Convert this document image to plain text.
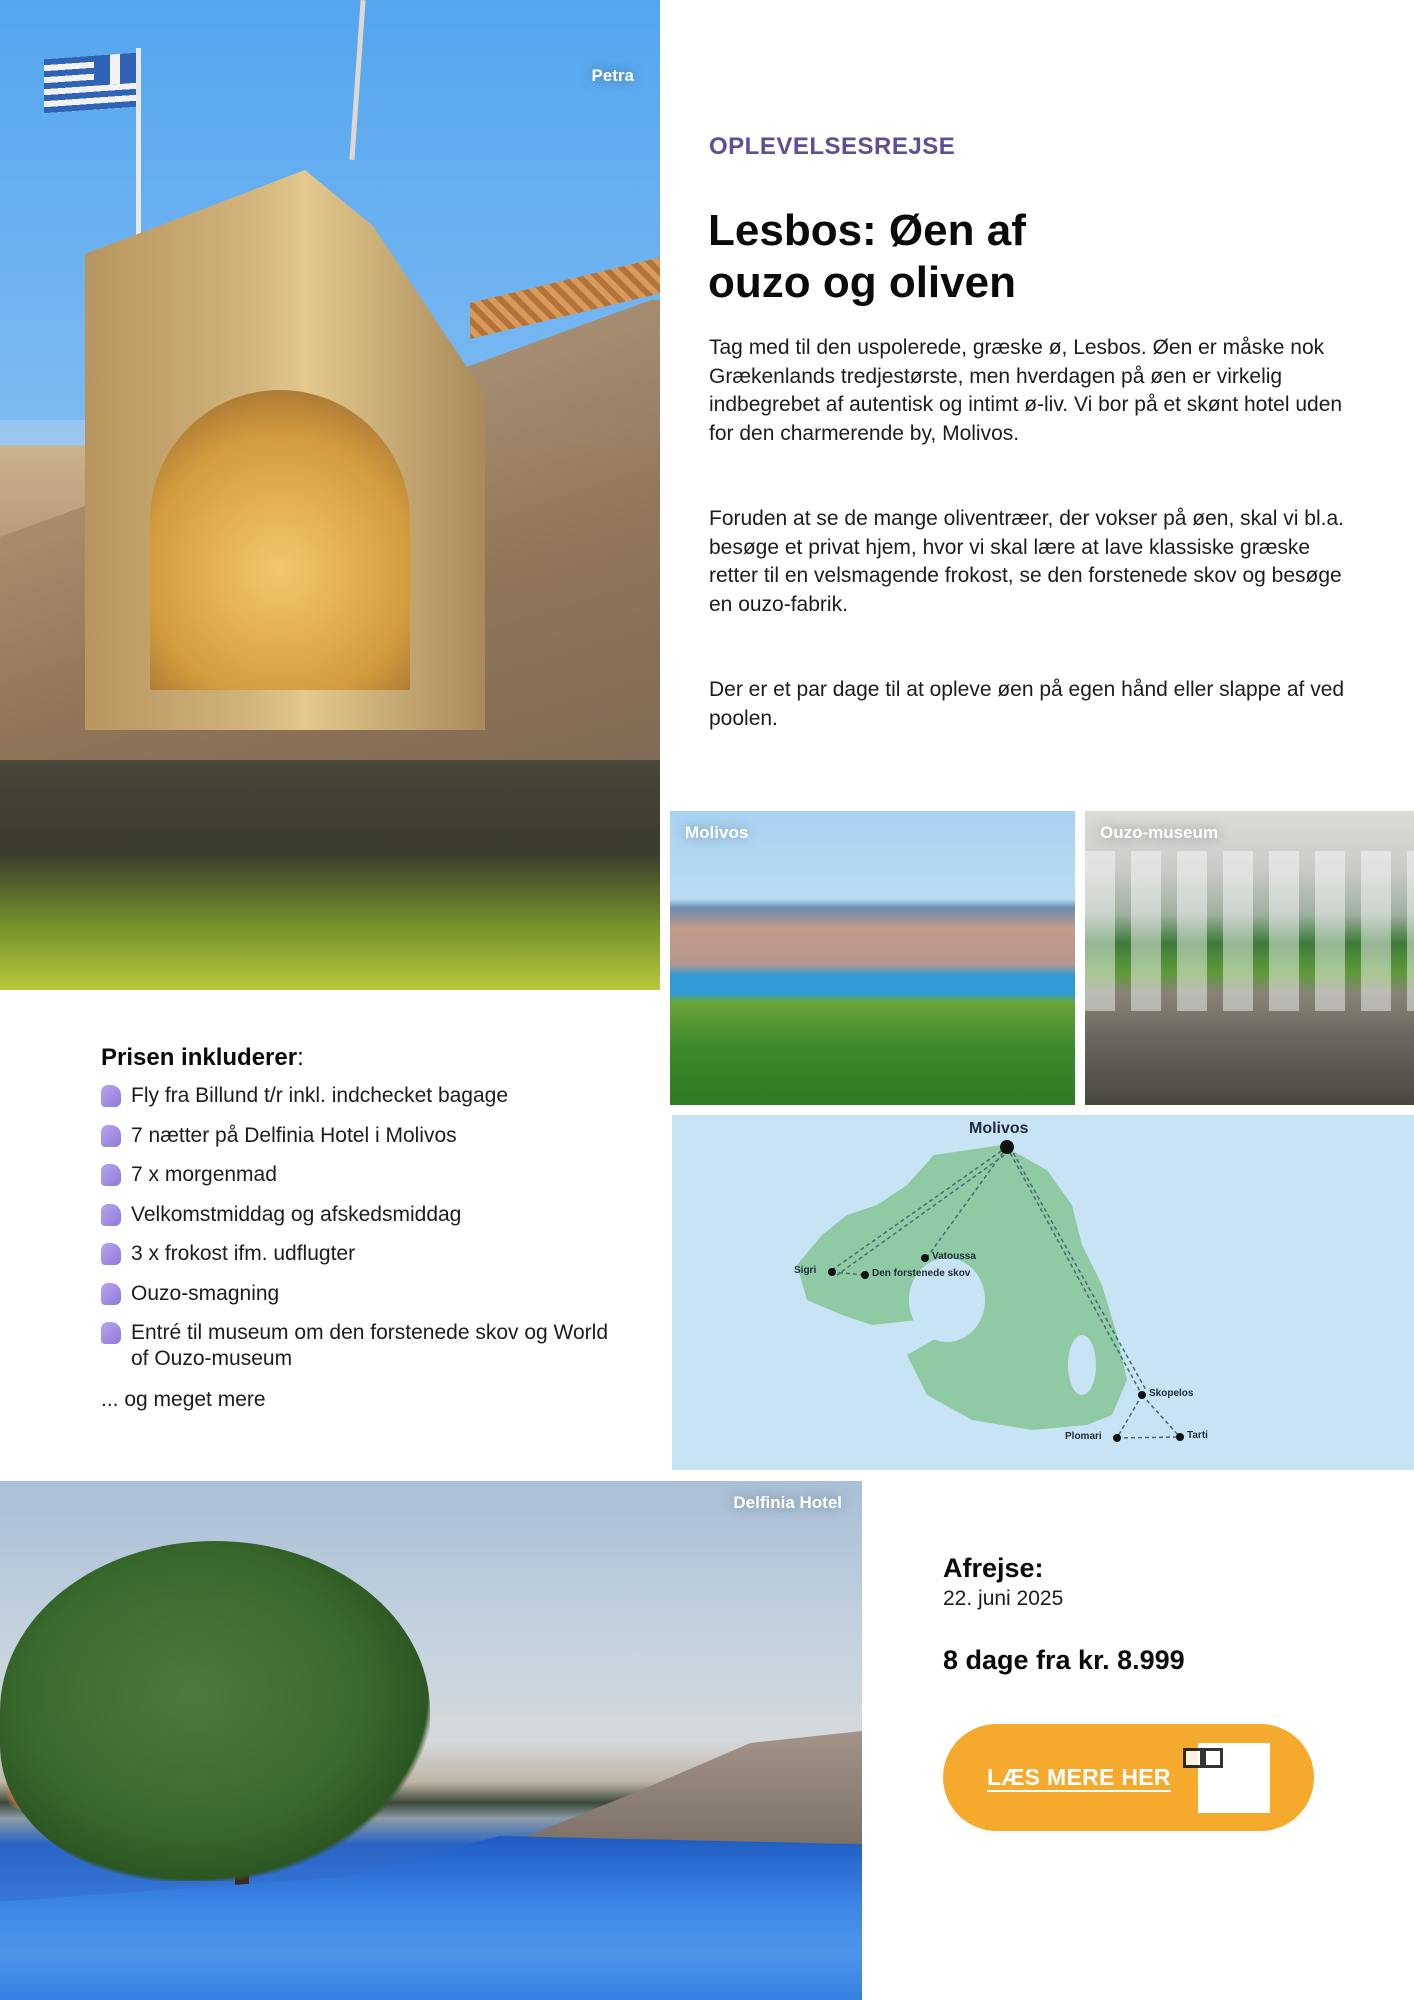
Petra
OPLEVELSESREJSE
Lesbos: Øen af
ouzo og oliven

Tag med til den uspolerede, græske ø, Lesbos. Øen er måske nok Grækenlands tredjestørste, men hverdagen på øen er virkelig indbegrebet af autentisk og intimt ø-liv. Vi bor på et skønt hotel uden for den charmerende by, Molivos.

Foruden at se de mange oliventræer, der vokser på øen, skal vi bl.a. besøge et privat hjem, hvor vi skal lære at lave klassiske græske retter til en velsmagende frokost, se den forstenede skov og besøge en ouzo-fabrik.

Der er et par dage til at opleve øen på egen hånd eller slappe af ved poolen.

Molivos	Ouzo-museum
Molivos
Vatoussa
Sigri	Den forstenede skov
Skopelos
Plomari	Tarti
Prisen inkluderer:
Fly fra Billund t/r inkl. indchecket bagage
7 nætter på Delfinia Hotel i Molivos
7 x morgenmad
Velkomstmiddag og afskedsmiddag
3 x frokost ifm. udflugter
Ouzo-smagning
Entré til museum om den forstenede skov og World of Ouzo-museum
... og meget mere
Delfinia Hotel
Afrejse:
22. juni 2025
8 dage fra kr. 8.999
LÆS MERE HER
